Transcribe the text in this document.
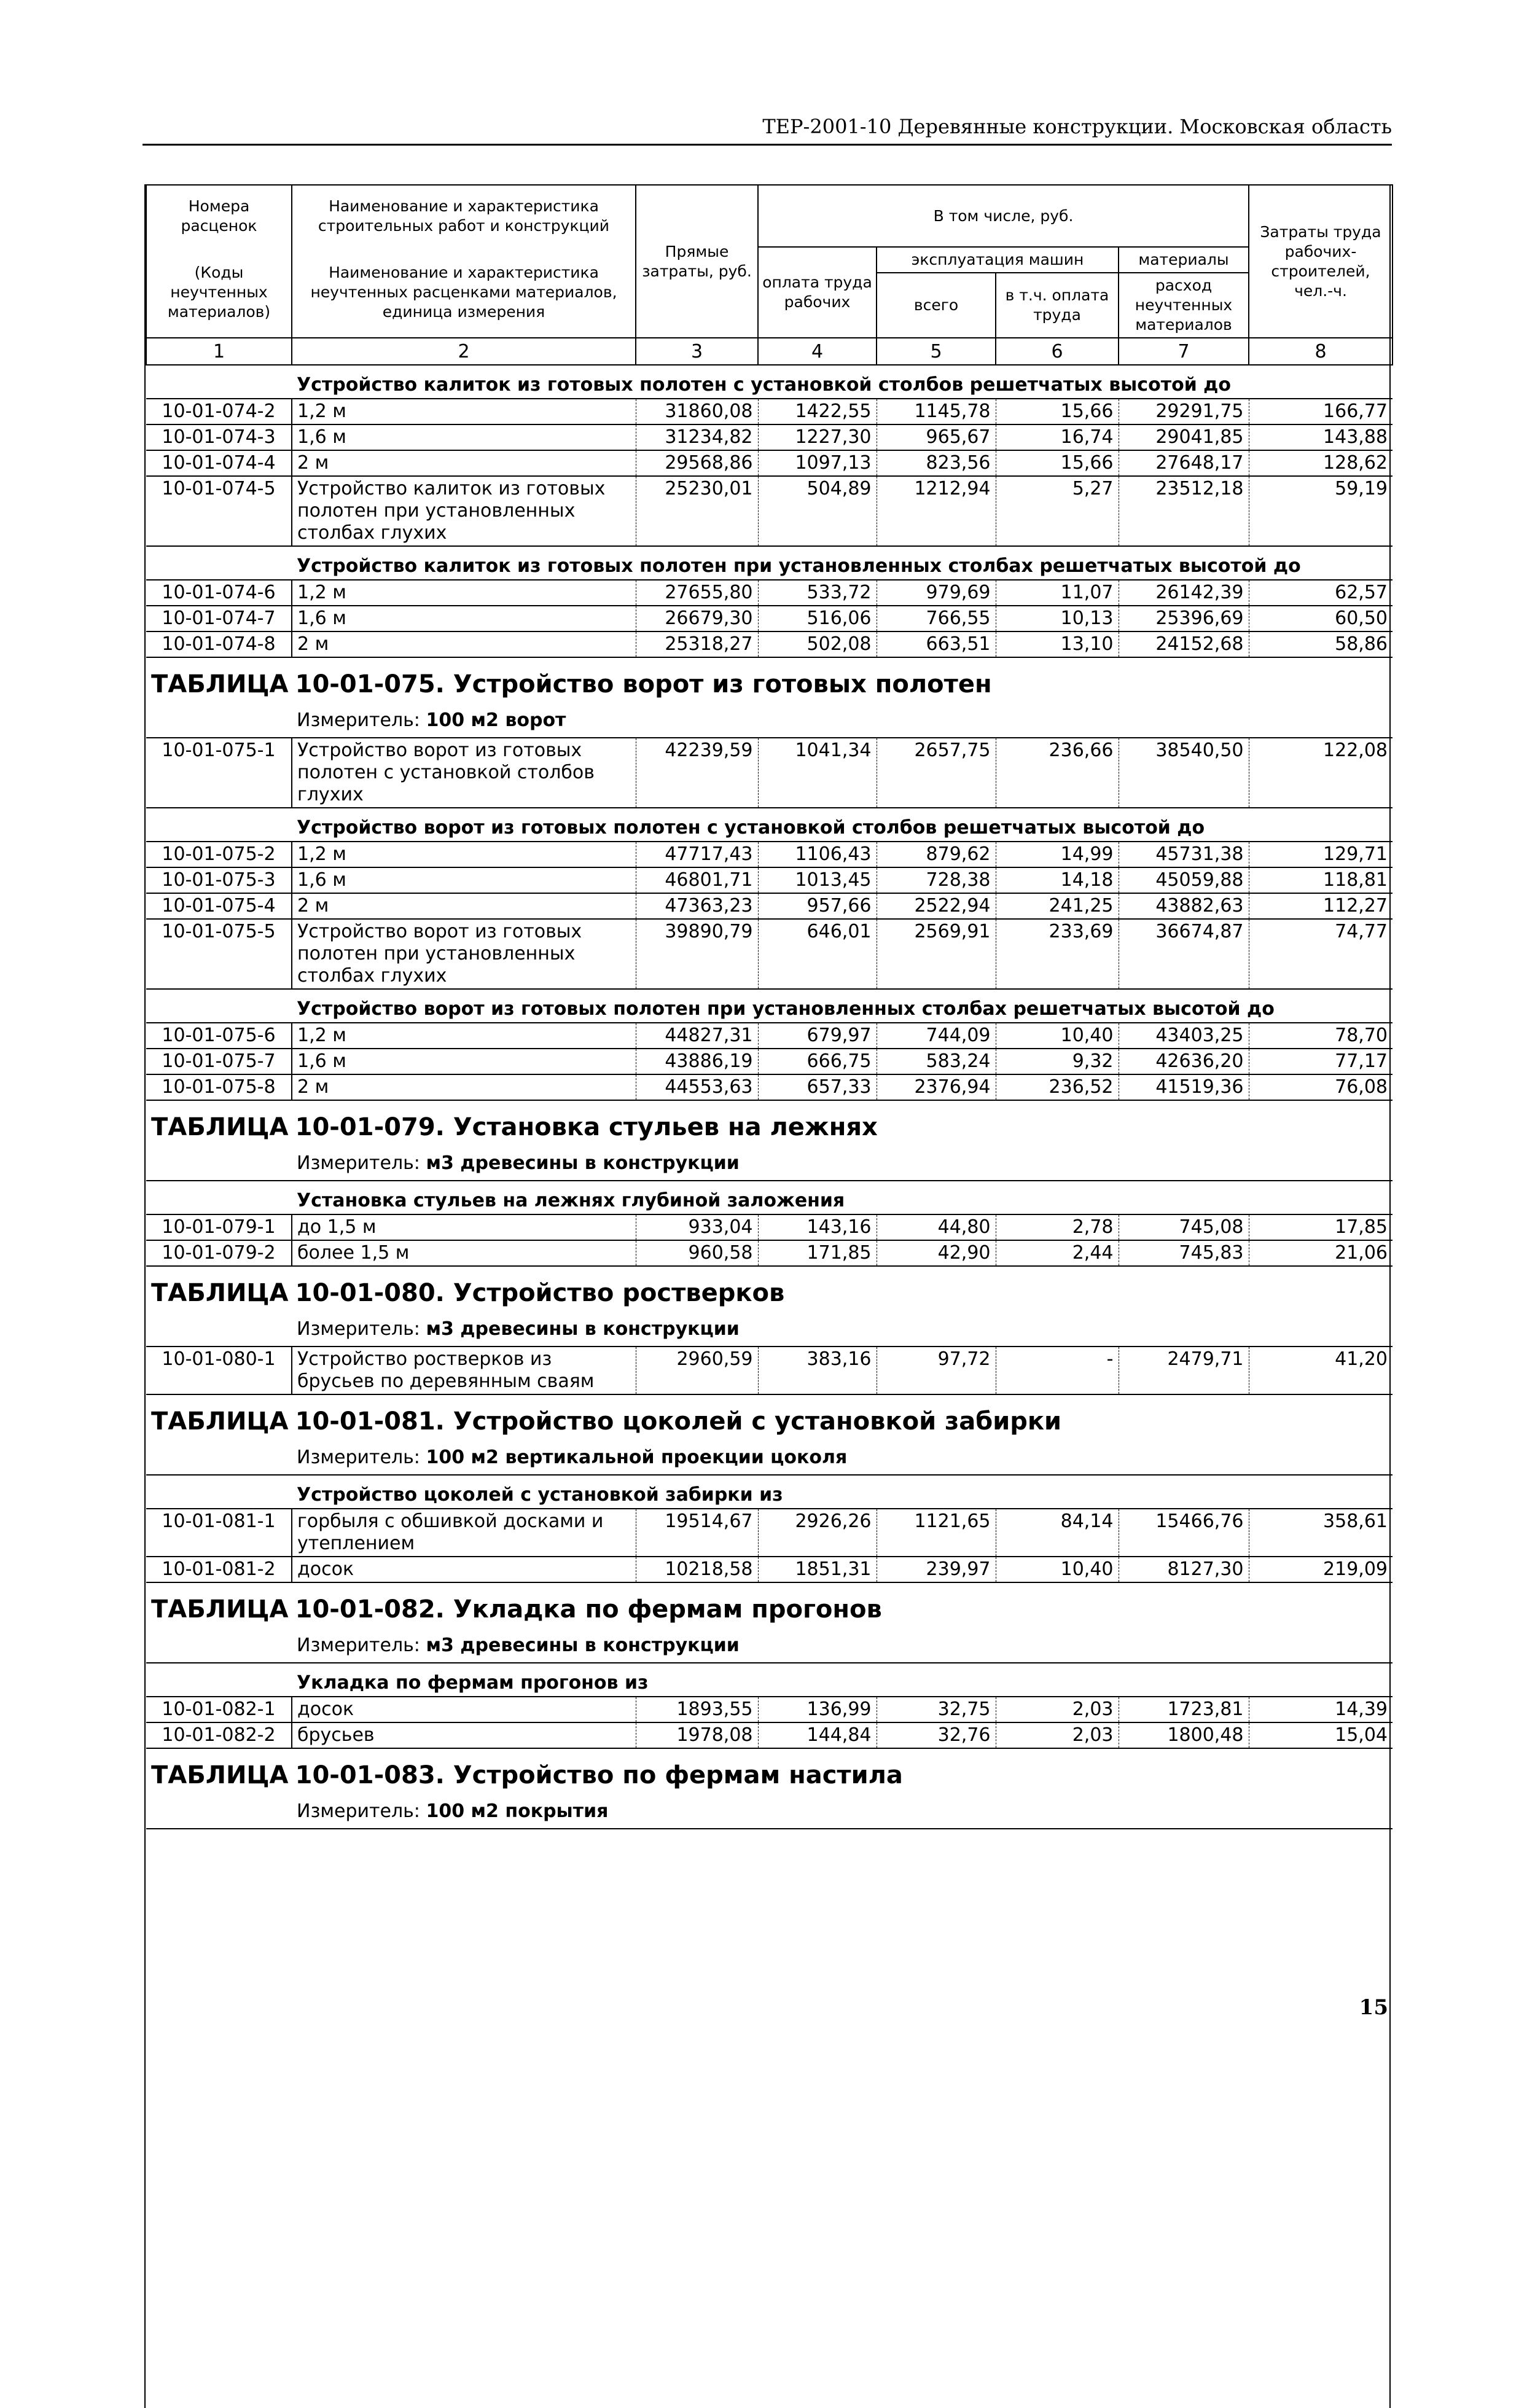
ТЕР-2001-10 Деревянные конструкции. Московская область
Номера расценок	Наименование и характеристика строительных работ и конструкций	Прямые затраты, руб.	В том числе, руб.				Затраты труда рабочих-строителей, чел.-ч.
(Коды неучтенных материалов)	Наименование и характеристика неучтенных расценками материалов, единица измерения		оплата труда рабочих	эксплуатация машин		материалы	
				всего	в т.ч. оплата труда	расход неучтенных материалов	
1	2	3	4	5	6	7	8
	Устройство калиток из готовых полотен с установкой столбов решетчатых высотой до						
10-01-074-2	1,2 м	31860,08	1422,55	1145,78	15,66	29291,75	166,77
10-01-074-3	1,6 м	31234,82	1227,30	965,67	16,74	29041,85	143,88
10-01-074-4	2 м	29568,86	1097,13	823,56	15,66	27648,17	128,62
10-01-074-5	Устройство калиток из готовых полотен при установленных столбах глухих	25230,01	504,89	1212,94	5,27	23512,18	59,19
	Устройство калиток из готовых полотен при установленных столбах решетчатых высотой до						
10-01-074-6	1,2 м	27655,80	533,72	979,69	11,07	26142,39	62,57
10-01-074-7	1,6 м	26679,30	516,06	766,55	10,13	25396,69	60,50
10-01-074-8	2 м	25318,27	502,08	663,51	13,10	24152,68	58,86
ТАБЛИЦА 10-01-075. Устройство ворот из готовых полотен							
	Измеритель: 100 м2 ворот						
10-01-075-1	Устройство ворот из готовых полотен с установкой столбов глухих	42239,59	1041,34	2657,75	236,66	38540,50	122,08
	Устройство ворот из готовых полотен с установкой столбов решетчатых высотой до						
10-01-075-2	1,2 м	47717,43	1106,43	879,62	14,99	45731,38	129,71
10-01-075-3	1,6 м	46801,71	1013,45	728,38	14,18	45059,88	118,81
10-01-075-4	2 м	47363,23	957,66	2522,94	241,25	43882,63	112,27
10-01-075-5	Устройство ворот из готовых полотен при установленных столбах глухих	39890,79	646,01	2569,91	233,69	36674,87	74,77
	Устройство ворот из готовых полотен при установленных столбах решетчатых высотой до						
10-01-075-6	1,2 м	44827,31	679,97	744,09	10,40	43403,25	78,70
10-01-075-7	1,6 м	43886,19	666,75	583,24	9,32	42636,20	77,17
10-01-075-8	2 м	44553,63	657,33	2376,94	236,52	41519,36	76,08
ТАБЛИЦА 10-01-079. Установка стульев на лежнях							
	Измеритель: м3 древесины в конструкции						
	Установка стульев на лежнях глубиной заложения						
10-01-079-1	до 1,5 м	933,04	143,16	44,80	2,78	745,08	17,85
10-01-079-2	более 1,5 м	960,58	171,85	42,90	2,44	745,83	21,06
ТАБЛИЦА 10-01-080. Устройство ростверков							
	Измеритель: м3 древесины в конструкции						
10-01-080-1	Устройство ростверков из брусьев по деревянным сваям	2960,59	383,16	97,72	-	2479,71	41,20
ТАБЛИЦА 10-01-081. Устройство цоколей с установкой забирки							
	Измеритель: 100 м2 вертикальной проекции цоколя						
	Устройство цоколей с установкой забирки из						
10-01-081-1	горбыля с обшивкой досками и утеплением	19514,67	2926,26	1121,65	84,14	15466,76	358,61
10-01-081-2	досок	10218,58	1851,31	239,97	10,40	8127,30	219,09
ТАБЛИЦА 10-01-082. Укладка по фермам прогонов							
	Измеритель: м3 древесины в конструкции						
	Укладка по фермам прогонов из						
10-01-082-1	досок	1893,55	136,99	32,75	2,03	1723,81	14,39
10-01-082-2	брусьев	1978,08	144,84	32,76	2,03	1800,48	15,04
ТАБЛИЦА 10-01-083. Устройство по фермам настила							
	Измеритель: 100 м2 покрытия						
15
